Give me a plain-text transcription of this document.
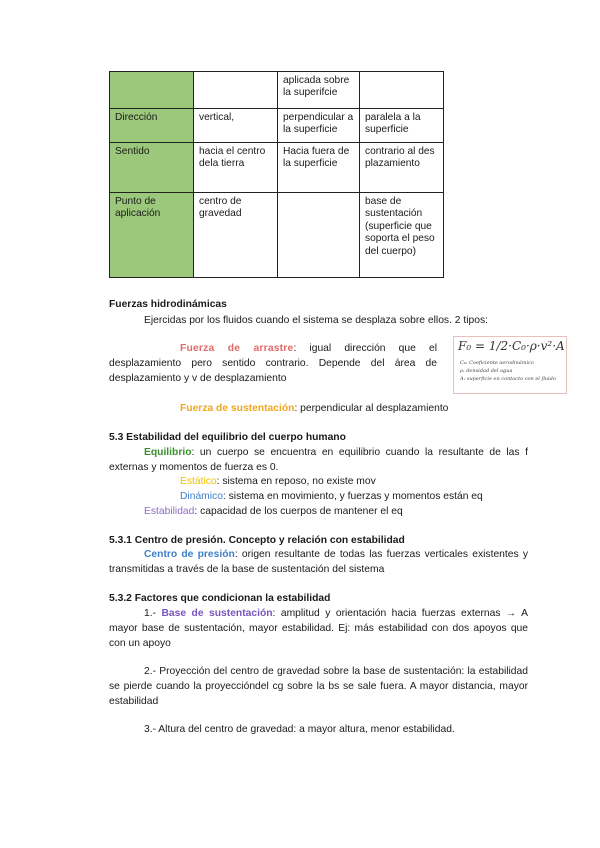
		aplicada sobre la superifcie	
Dirección	vertical,	perpendicular a la superficie	paralela a la superficie
Sentido	hacia el centro dela tierra	Hacia fuera de la superficie	contrario al desplazamiento
Punto de aplicación	centro de gravedad		base de sustentación (superficie que soporta el peso del cuerpo)
Fuerzas hidrodinámicas
Ejercidas por los fluidos cuando el sistema se desplaza sobre ellos. 2 tipos:
Fuerza de arrastre: igual dirección que el desplazamiento pero sentido contrario. Depende del área de desplazamiento y v de desplazamiento
F₀ = 1/2·C₀·ρ·v²·A
C₀: Coeficiente aerodinámico
ρ: densidad del agua
A: superficie en contacto con el fluido
Fuerza de sustentación: perpendicular al desplazamiento
5.3 Estabilidad del equilibrio del cuerpo humano
Equilibrio: un cuerpo se encuentra en equilibrio cuando la resultante de las f externas y momentos de fuerza es 0.
Estático: sistema en reposo, no existe mov
Dinámico: sistema en movimiento, y fuerzas y momentos están eq
Estabilidad: capacidad de los cuerpos de mantener el eq
5.3.1 Centro de presión. Concepto y relación con estabilidad
Centro de presión: origen resultante de todas las fuerzas verticales existentes y transmitidas a través de la base de sustentación del sistema
5.3.2 Factores que condicionan la estabilidad
1.- Base de sustentación: amplitud y orientación hacia fuerzas externas → A mayor base de sustentación, mayor estabilidad. Ej: más estabilidad con dos apoyos que con un apoyo
2.- Proyección del centro de gravedad sobre la base de sustentación: la estabilidad se pierde cuando la proyeccióndel cg sobre la bs se sale fuera. A mayor distancia, mayor estabilidad
3.- Altura del centro de gravedad: a mayor altura, menor estabilidad.
